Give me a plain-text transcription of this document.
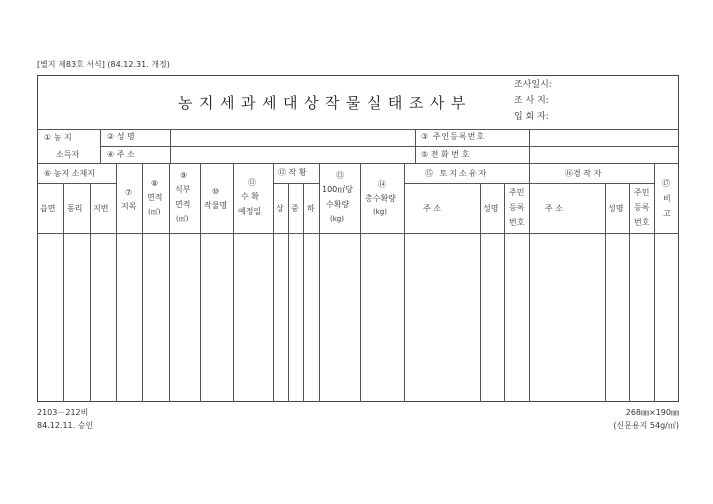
[별지 제83호 서식] (84.12.31. 개정)
농지세과세대상작물실태조사부
조사일시:
조 사 지:
입 회 자:
① 농 지
소득자
② 성 명
④ 주 소
③ 주인등록번호
⑤ 전 화 번 호
⑥ 농지 소재지
읍면 동리 지번
⑦
지목
⑧
면적
(㎡)
⑨
식부
면적
(㎡)
⑩
작물명
⑪
수 확
예정일
⑫ 작 황
상 중 하
⑬
100㎡당
수확량
(kg)
⑭
총수확량
(kg)
⑮ 토지소유자
주 소	성명
주민
등록
번호
⑯경 작 자
주 소	성명
주민
등록
번호
⑰
비
고
2103－212비
84.12.11. 승인
268㎜×190㎜
(신문용지 54g/㎡)
